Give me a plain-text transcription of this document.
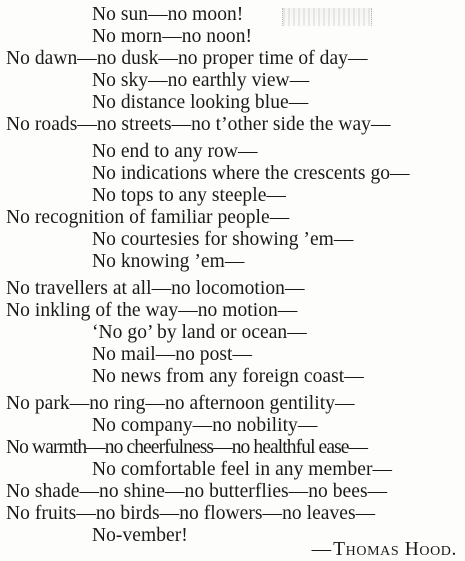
No sun—no moon!
No morn—no noon!
No dawn—no dusk—no proper time of day—
No sky—no earthly view—
No distance looking blue—
No roads—no streets—no t’other side the way—
No end to any row—
No indications where the crescents go—
No tops to any steeple—
No recognition of familiar people—
No courtesies for showing ’em—
No knowing ’em—
No travellers at all—no locomotion—
No inkling of the way—no motion—
‘No go’ by land or ocean—
No mail—no post—
No news from any foreign coast—
No park—no ring—no afternoon gentility—
No company—no nobility—
No warmth—no cheerfulness—no healthful ease—
No comfortable feel in any member—
No shade—no shine—no butterflies—no bees—
No fruits—no birds—no flowers—no leaves—
No-vember!
— Thomas Hood.
